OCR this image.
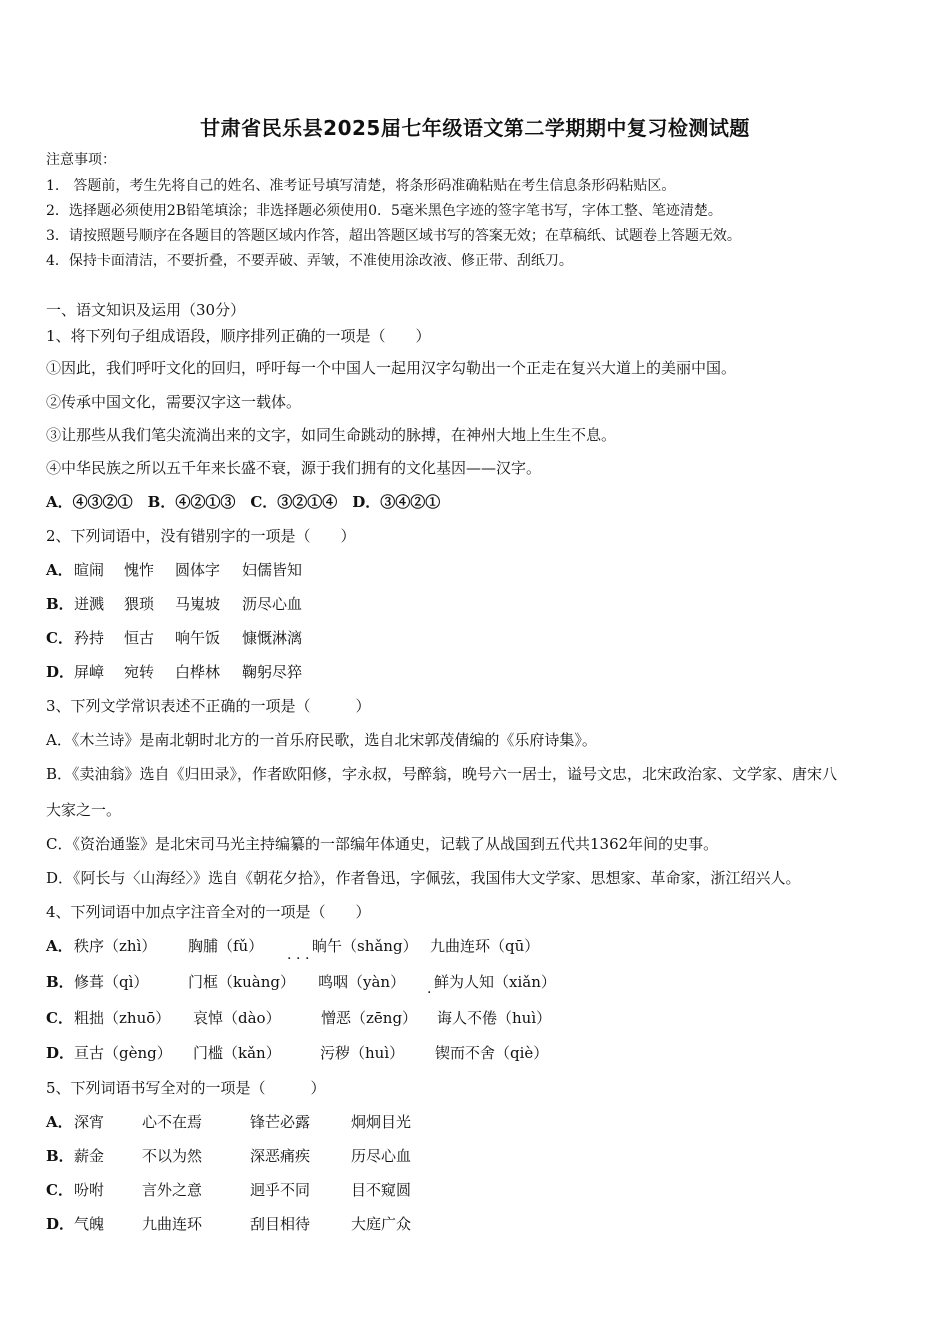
甘肃省民乐县2025届七年级语文第二学期期中复习检测试题
注意事项：
1.　答题前，考生先将自己的姓名、准考证号填写清楚，将条形码准确粘贴在考生信息条形码粘贴区。
2．选择题必须使用2B铅笔填涂；非选择题必须使用0．5毫米黑色字迹的签字笔书写，字体工整、笔迹清楚。
3．请按照题号顺序在各题目的答题区域内作答，超出答题区域书写的答案无效；在草稿纸、试题卷上答题无效。
4．保持卡面清洁，不要折叠，不要弄破、弄皱，不准使用涂改液、修正带、刮纸刀。
一、语文知识及运用（30分）
1、将下列句子组成语段，顺序排列正确的一项是（　　）
①因此，我们呼吁文化的回归，呼吁每一个中国人一起用汉字勾勒出一个正走在复兴大道上的美丽中国。
②传承中国文化，需要汉字这一载体。
③让那些从我们笔尖流淌出来的文字，如同生命跳动的脉搏，在神州大地上生生不息。
④中华民族之所以五千年来长盛不衰，源于我们拥有的文化基因——汉字。
A．④③②①　B．④②①③　C．③②①④　D．③④②①
2、下列词语中，没有错别字的一项是（　　）
A． 暄闹 愧怍 圆体字 妇儒皆知
B． 迸溅 猥琐 马嵬坡 沥尽心血
C． 矜持 恒古 响午饭 慷慨淋漓
D． 屏嶂 宛转 白桦林 鞠躬尽猝
3、下列文学常识表述不正确的一项是（　　　）
A．《木兰诗》是南北朝时北方的一首乐府民歌，选自北宋郭茂倩编的《乐府诗集》。
B．《卖油翁》选自《归田录》，作者欧阳修，字永叔，号醉翁，晚号六一居士，谥号文忠，北宋政治家、文学家、唐宋八
大家之一。
C．《资治通鉴》是北宋司马光主持编纂的一部编年体通史，记载了从战国到五代共1362年间的史事。
D．《阿长与〈山海经〉》选自《朝花夕拾》，作者鲁迅，字佩弦，我国伟大文学家、思想家、革命家，浙江绍兴人。
4、下列词语中加点字注音全对的一项是（　　）
A． 秩序（zhì） 胸脯（fǔ）	晌午（shǎng） 九曲连环（qū）
. . .
B． 修葺（qì）	门框（kuàng） 鸣咽（yàn） 鲜为人知（xiǎn）
.
C． 粗拙（zhuō） 哀悼（dào）	憎恶（zēng） 诲人不倦（huì）
D． 亘古（gèng） 门槛（kǎn）	污秽（huì） 锲而不舍（qiè）
5、下列词语书写全对的一项是（　　　）
A． 深宵	心不在焉	锋芒必露	炯炯目光
B． 薪金	不以为然	深恶痛疾	历尽心血
C． 吩咐	言外之意	迥乎不同	目不窥圆
D． 气魄	九曲连环	刮目相待	大庭广众
